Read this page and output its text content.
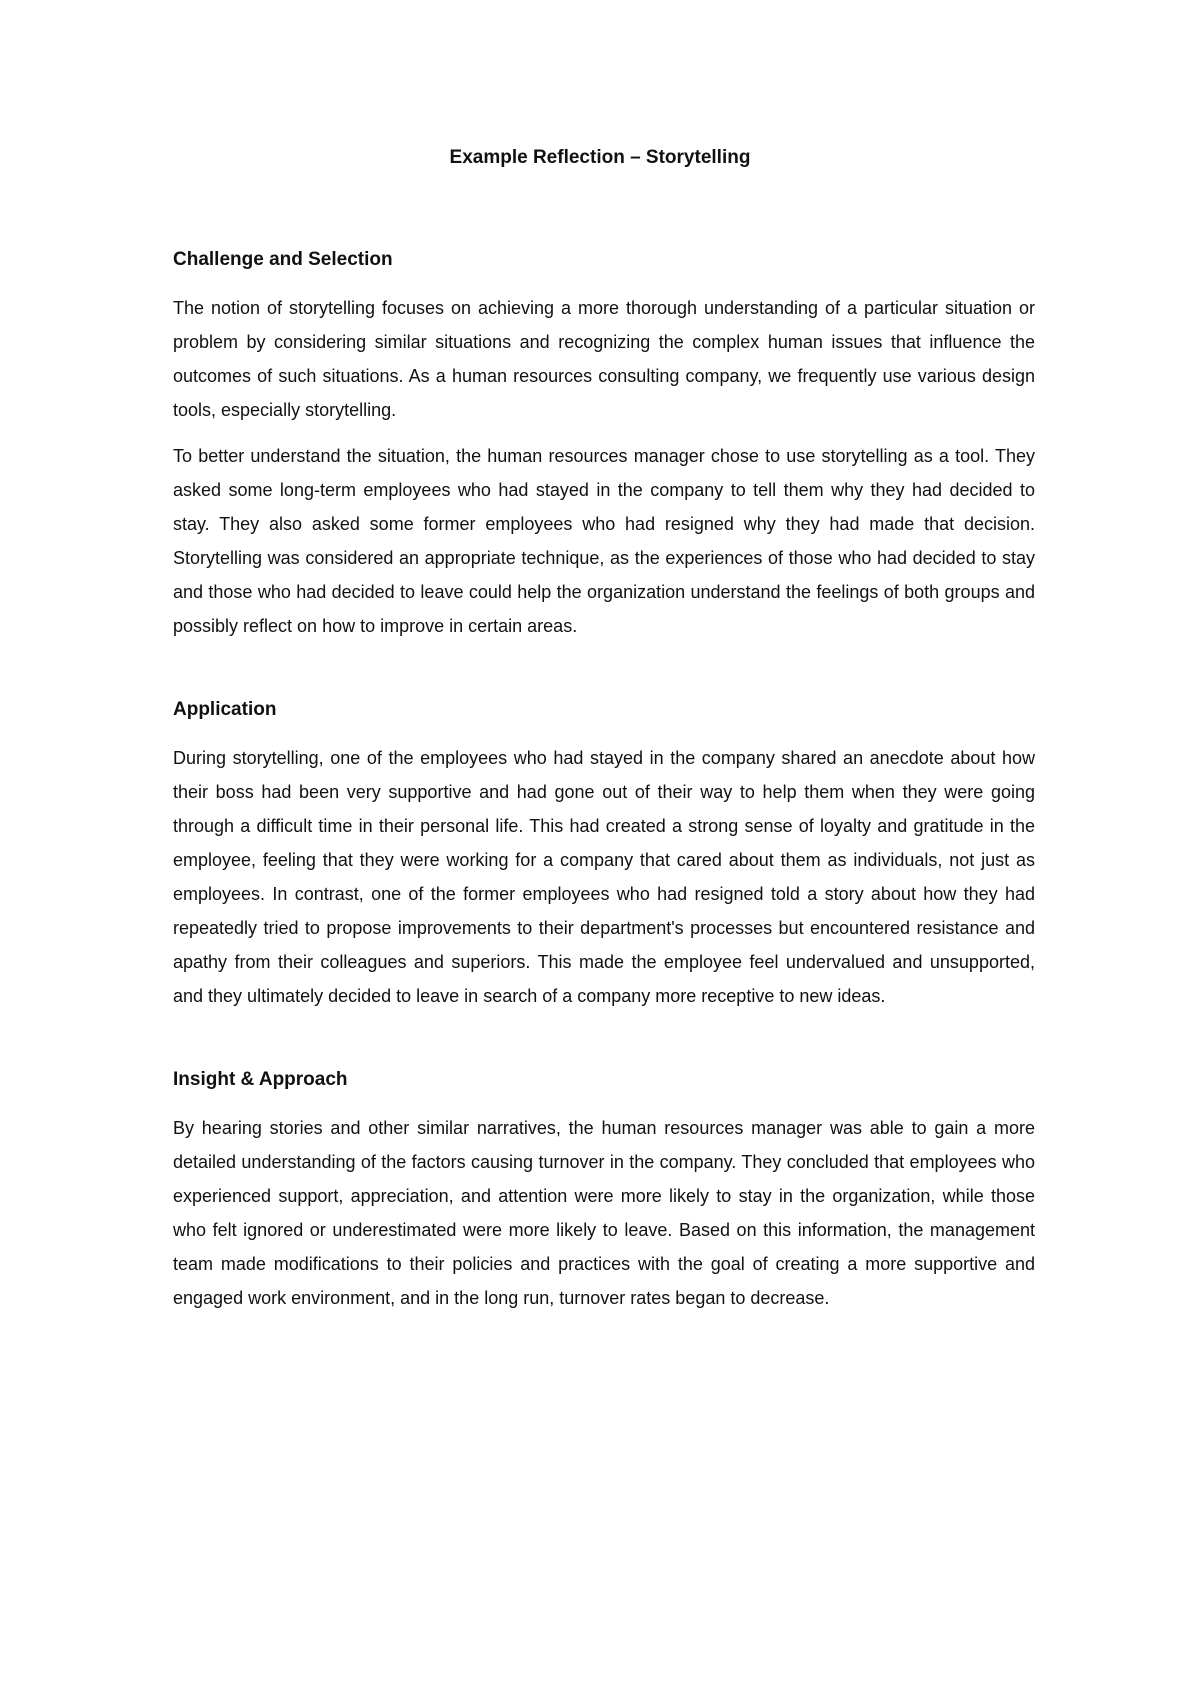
Example Reflection – Storytelling
Challenge and Selection

The notion of storytelling focuses on achieving a more thorough understanding of a particular situation or problem by considering similar situations and recognizing the complex human issues that influence the outcomes of such situations. As a human resources consulting company, we frequently use various design tools, especially storytelling.

To better understand the situation, the human resources manager chose to use storytelling as a tool. They asked some long-term employees who had stayed in the company to tell them why they had decided to stay. They also asked some former employees who had resigned why they had made that decision. Storytelling was considered an appropriate technique, as the experiences of those who had decided to stay and those who had decided to leave could help the organization understand the feelings of both groups and possibly reflect on how to improve in certain areas.

Application

During storytelling, one of the employees who had stayed in the company shared an anecdote about how their boss had been very supportive and had gone out of their way to help them when they were going through a difficult time in their personal life. This had created a strong sense of loyalty and gratitude in the employee, feeling that they were working for a company that cared about them as individuals, not just as employees. In contrast, one of the former employees who had resigned told a story about how they had repeatedly tried to propose improvements to their department's processes but encountered resistance and apathy from their colleagues and superiors. This made the employee feel undervalued and unsupported, and they ultimately decided to leave in search of a company more receptive to new ideas.

Insight & Approach

By hearing stories and other similar narratives, the human resources manager was able to gain a more detailed understanding of the factors causing turnover in the company. They concluded that employees who experienced support, appreciation, and attention were more likely to stay in the organization, while those who felt ignored or underestimated were more likely to leave. Based on this information, the management team made modifications to their policies and practices with the goal of creating a more supportive and engaged work environment, and in the long run, turnover rates began to decrease.
